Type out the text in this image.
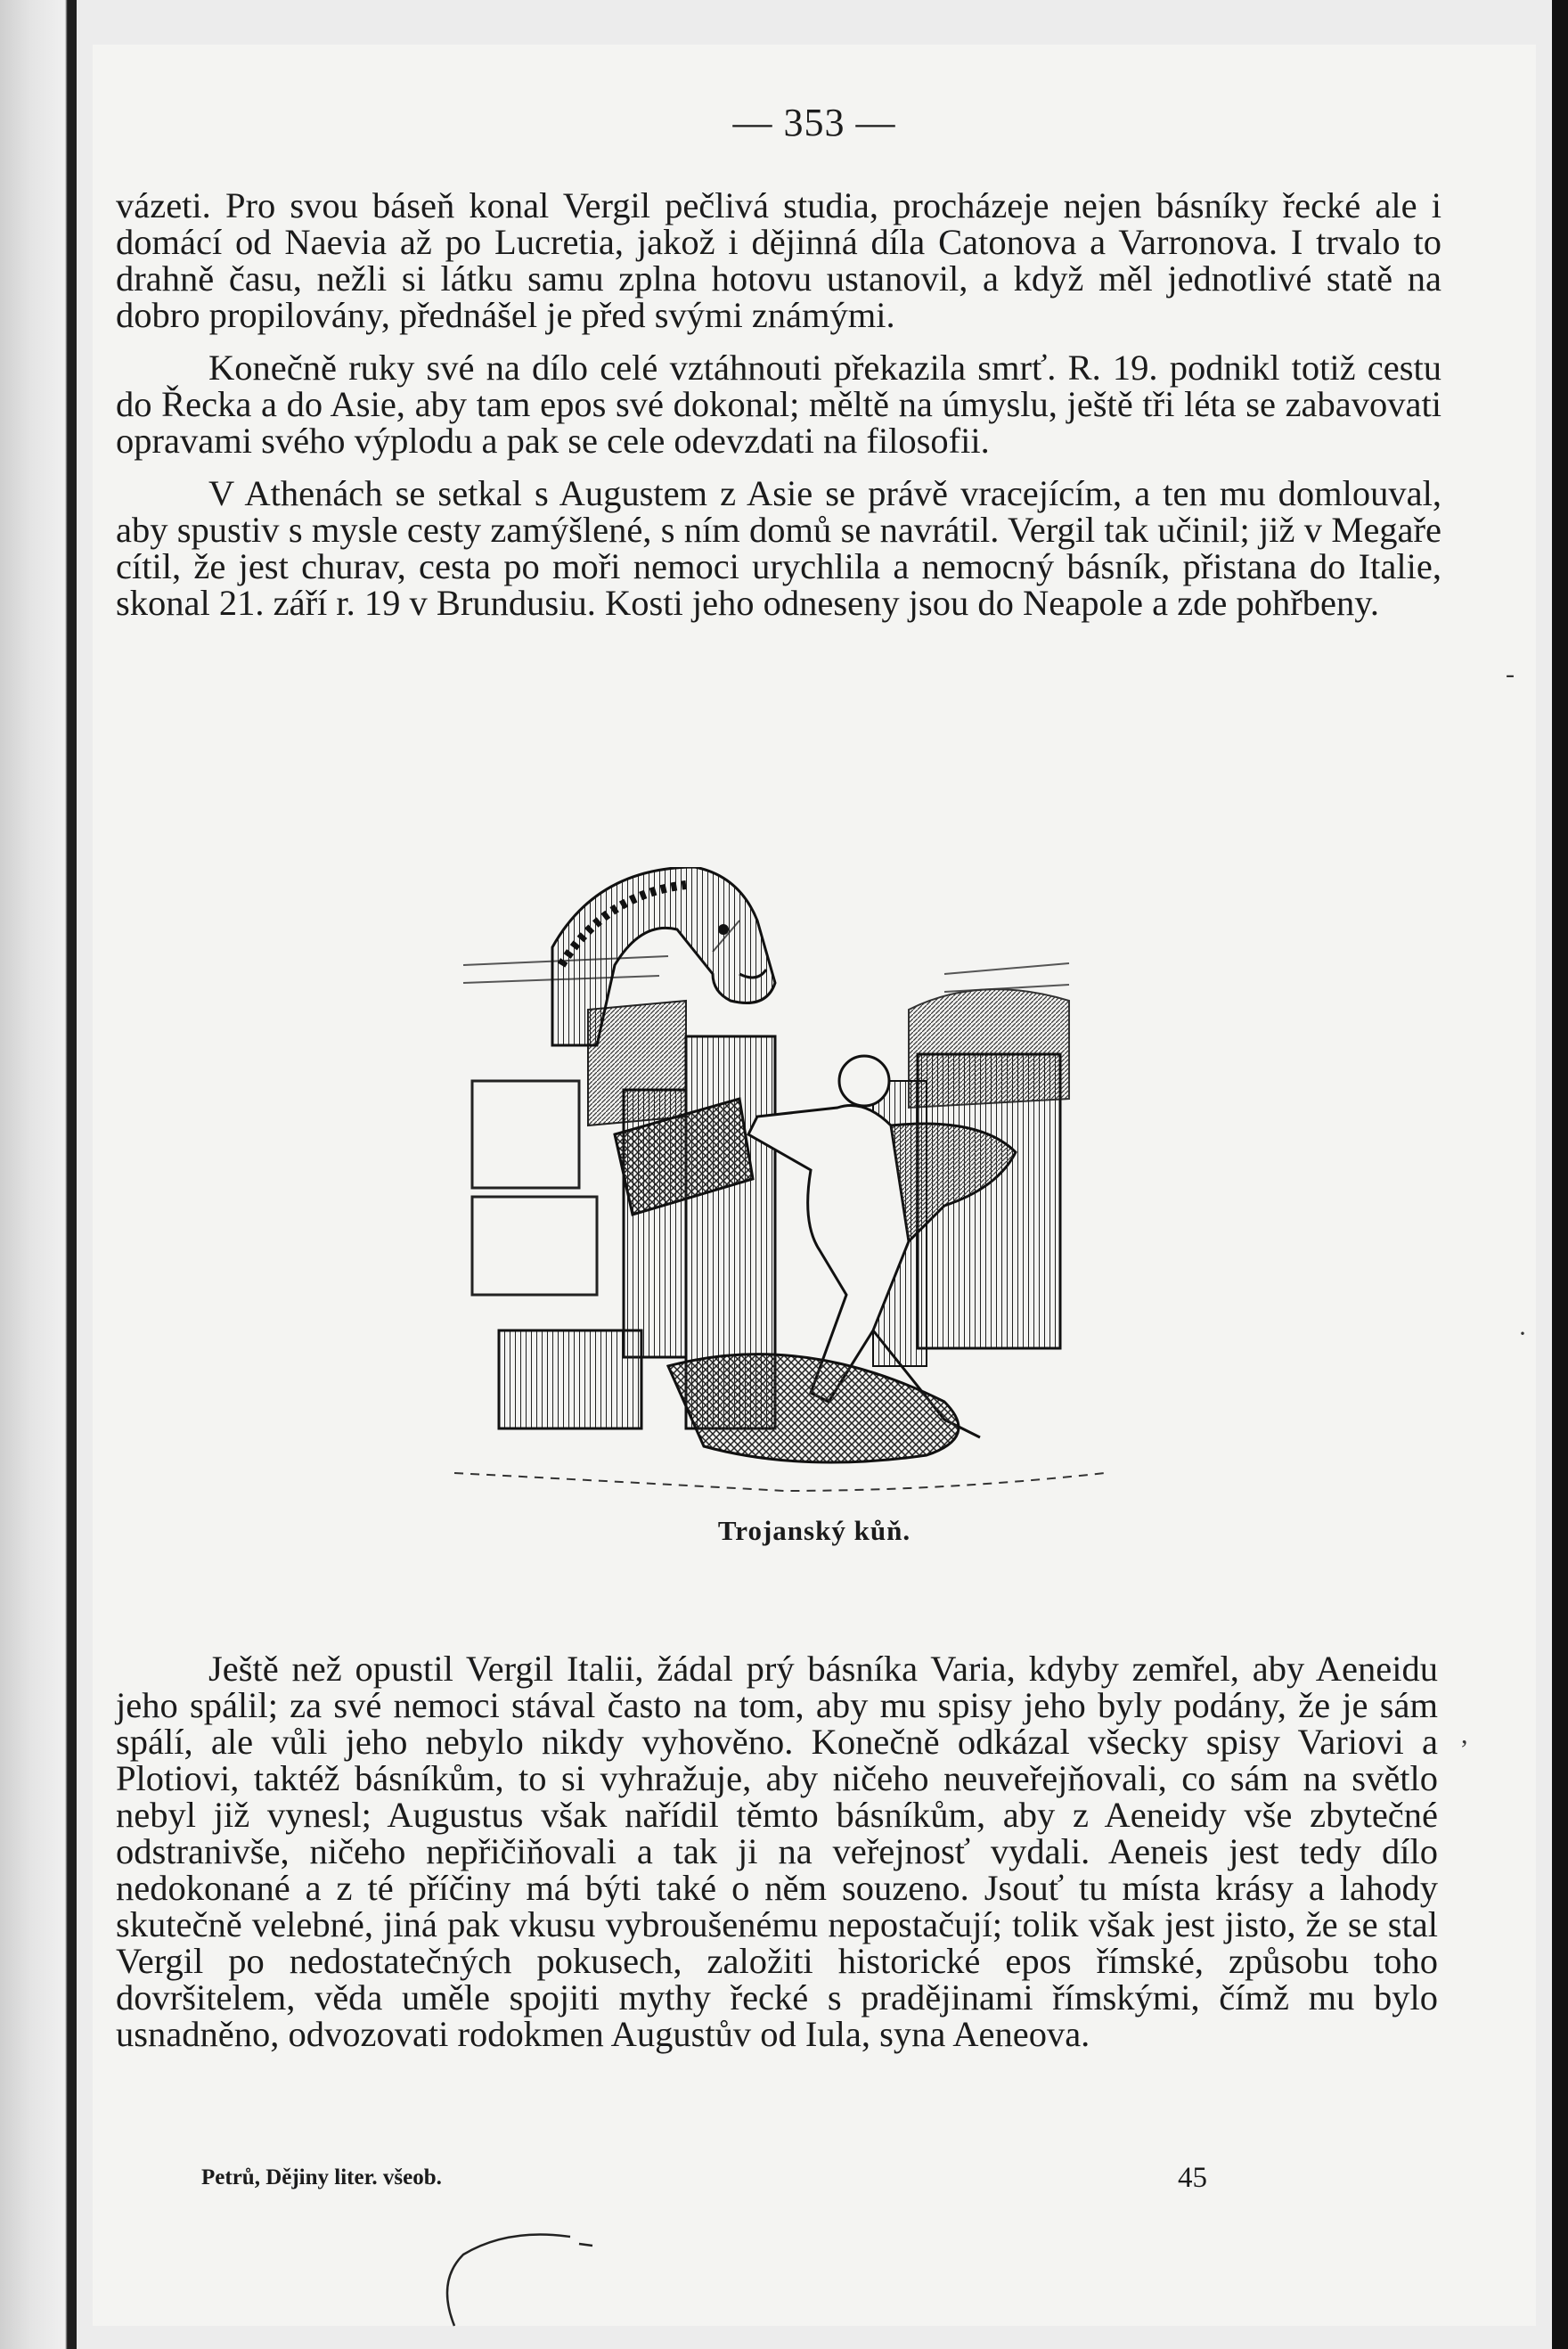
— 353 —

vázeti. Pro svou báseň konal Vergil pečlivá studia, procházeje nejen básníky řecké ale i domácí od Naevia až po Lucretia, jakož i dějinná díla Catonova a Varronova. I trvalo to drahně času, nežli si látku samu zplna hotovu ustanovil, a když měl jednotlivé statě na dobro propilovány, přednášel je před svými známými.

Konečně ruky své na dílo celé vztáhnouti překazila smrť. R. 19. podnikl totiž cestu do Řecka a do Asie, aby tam epos své dokonal; měltě na úmyslu, ještě tři léta se zabavovati opravami svého výplodu a pak se cele odevzdati na filosofii.

V Athenách se setkal s Augustem z Asie se právě vracejícím, a ten mu domlouval, aby spustiv s mysle cesty zamýšlené, s ním domů se navrátil. Vergil tak učinil; již v Megaře cítil, že jest churav, cesta po moři nemoci urychlila a nemocný básník, přistana do Italie, skonal 21. září r. 19 v Brundusiu. Kosti jeho odneseny jsou do Neapole a zde pohřbeny.

Trojanský kůň.

Ještě než opustil Vergil Italii, žádal prý básníka Varia, kdyby zemřel, aby Aeneidu jeho spálil; za své nemoci stával často na tom, aby mu spisy jeho byly podány, že je sám spálí, ale vůli jeho nebylo nikdy vyhověno. Konečně odkázal všecky spisy Variovi a Plotiovi, taktéž básníkům, to si vyhražuje, aby ničeho neuveřejňovali, co sám na světlo nebyl již vynesl; Augustus však nařídil těmto básníkům, aby z Aeneidy vše zbytečné odstranivše, ničeho nepřičiňovali a tak ji na veřejnosť vydali. Aeneis jest tedy dílo nedokonané a z té příčiny má býti také o něm souzeno. Jsouť tu místa krásy a lahody skutečně velebné, jiná pak vkusu vybroušenému nepostačují; tolik však jest jisto, že se stal Vergil po nedostatečných pokusech, založiti historické epos římské, způsobu toho dovršitelem, věda uměle spojiti mythy řecké s pradějinami římskými, čímž mu bylo usnadněno, odvozovati rodokmen Augustův od Iula, syna Aeneova.

Petrů, Dějiny liter. všeob.	45
-
·
,
